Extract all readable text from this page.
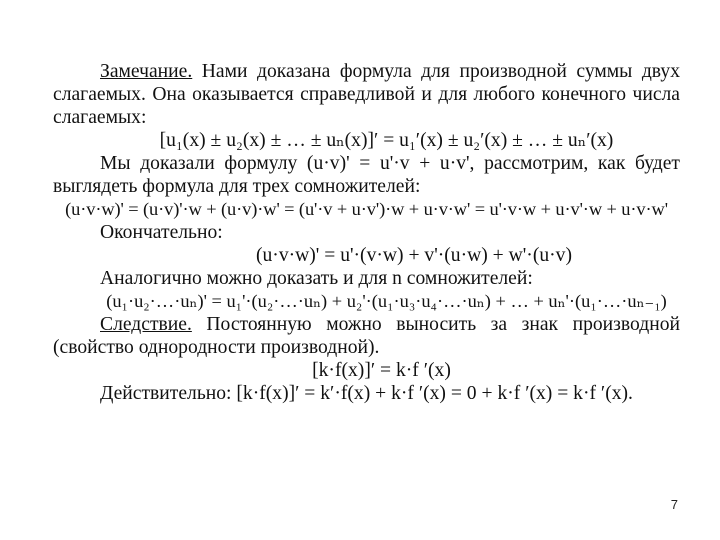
Замечание. Нами доказана формула для производной суммы двух слагаемых. Она оказывается справедливой и для любого конечного числа слагаемых:

[u₁(x) ± u₂(x) ± … ± uₙ(x)]′ = u₁′(x) ± u₂′(x) ± … ± uₙ′(x)

Мы доказали формулу (u·v)' = u'·v + u·v', рассмотрим, как будет выглядеть формула для трех сомножителей:

(u·v·w)' = (u·v)'·w + (u·v)·w' = (u'·v + u·v')·w + u·v·w' = u'·v·w + u·v'·w + u·v·w'

Окончательно:

(u·v·w)' = u'·(v·w) + v'·(u·w) + w'·(u·v)

Аналогично можно доказать и для n сомножителей:

(u₁·u₂·…·uₙ)' = u₁'·(u₂·…·uₙ) + u₂'·(u₁·u₃·u₄·…·uₙ) + … + uₙ'·(u₁·…·uₙ₋₁)

Следствие. Постоянную можно выносить за знак производной (свойство однородности производной).

[k·f(x)]′ = k·f ′(x)

Действительно: [k·f(x)]′ = k′·f(x) + k·f ′(x) = 0 + k·f ′(x) = k·f ′(x).

7
